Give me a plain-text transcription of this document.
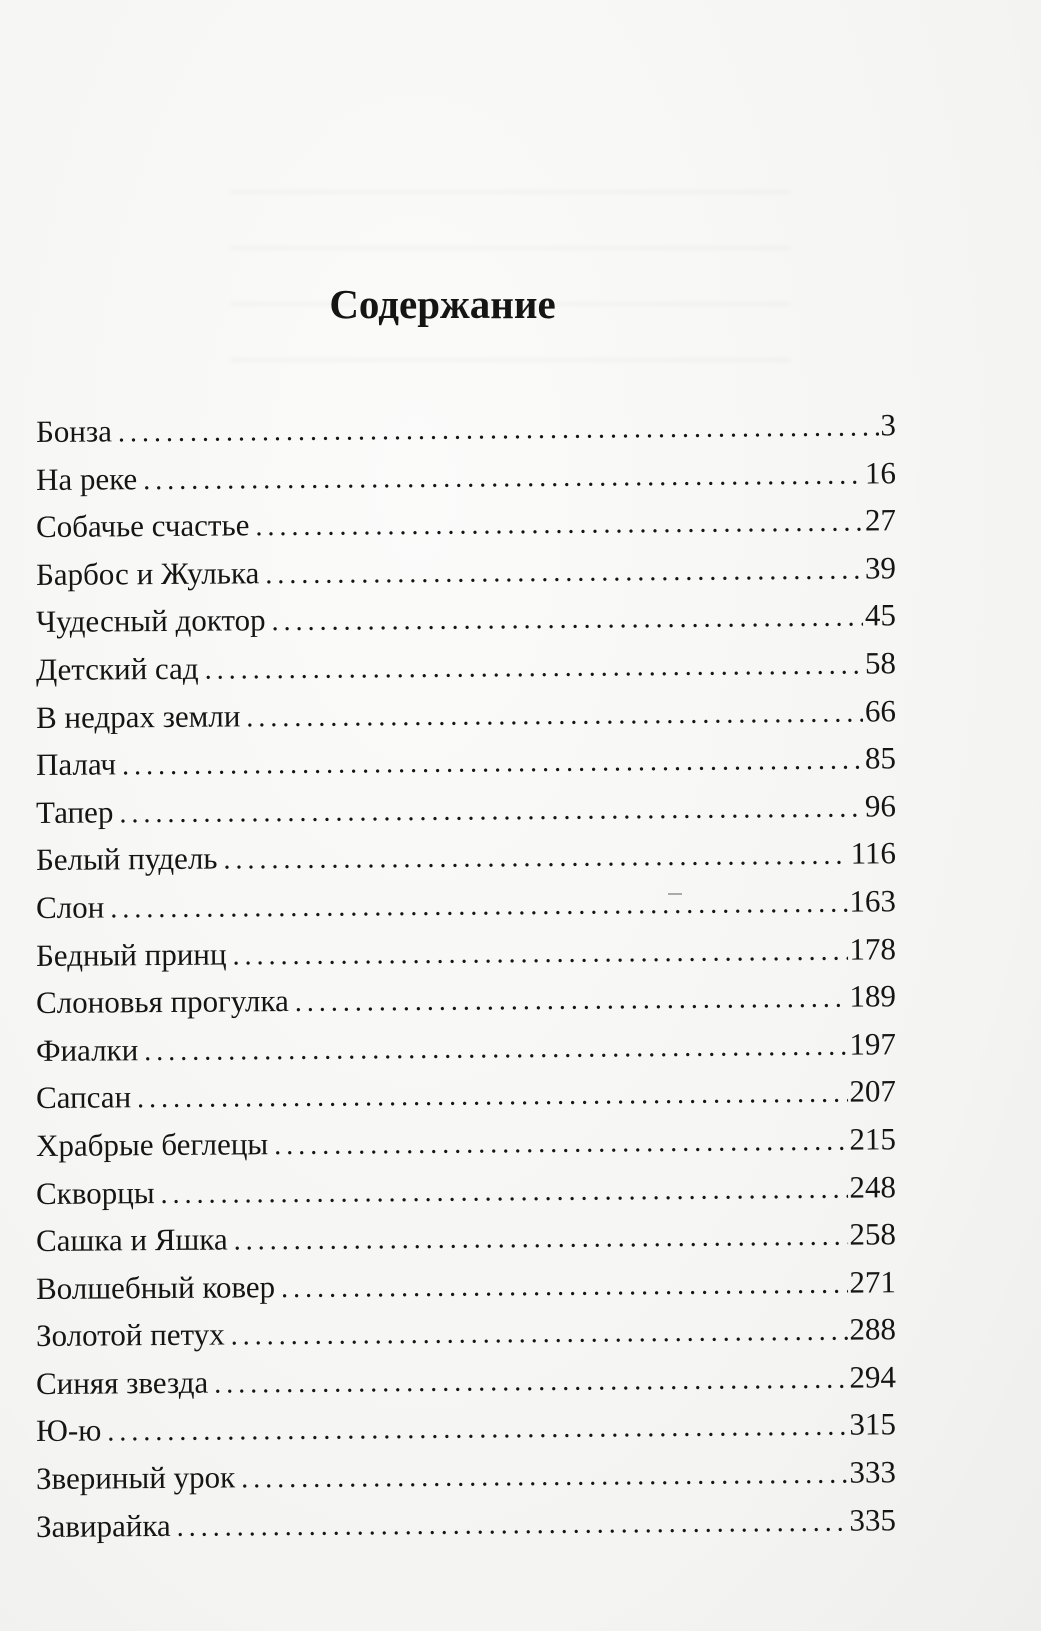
Содержание
Бонза . . .	3
На реке . . .	16
Собачье счастье . . .	27
Барбос и Жулька . . .	39
Чудесный доктор . . .	45
Детский сад . . .	58
В недрах земли . . .	66
Палач . . .	85
Тапер . . .	96
Белый пудель . . .	116
Слон . . .	163
Бедный принц . . .	178
Слоновья прогулка . . .	189
Фиалки . . .	197
Сапсан . . .	207
Храбрые беглецы . . .	215
Скворцы . . .	248
Сашка и Яшка . . .	258
Волшебный ковер . . .	271
Золотой петух . . .	288
Синяя звезда . . .	294
Ю-ю . . .	315
Звериный урок . . .	333
Завирайка . . .	335
